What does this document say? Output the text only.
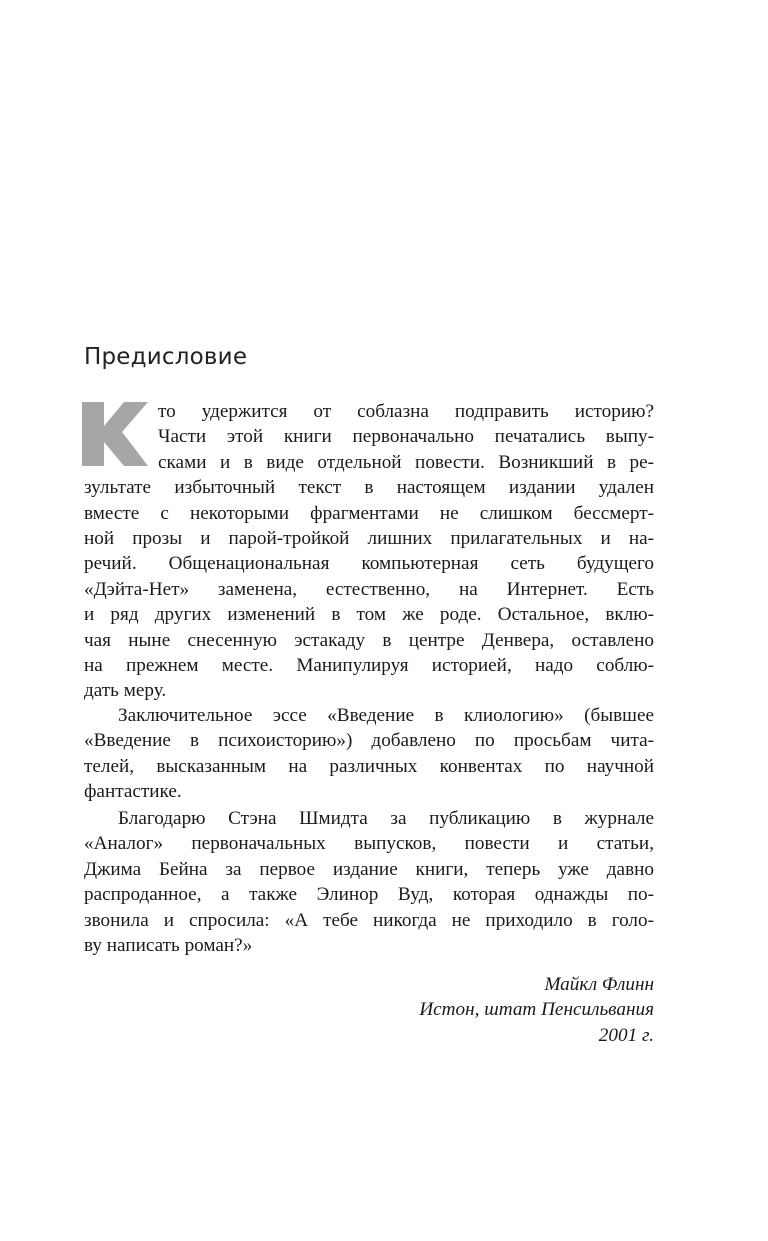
Предисловие
то удержится от соблазна подправить историю?
Части этой книги первоначально печатались выпу-
сками и в виде отдельной повести. Возникший в ре-
зультате избыточный текст в настоящем издании удален
вместе с некоторыми фрагментами не слишком бессмерт-
ной прозы и парой-тройкой лишних прилагательных и на-
речий. Общенациональная компьютерная сеть будущего
«Дэйта-Нет» заменена, естественно, на Интернет. Есть
и ряд других изменений в том же роде. Остальное, вклю-
чая ныне снесенную эстакаду в центре Денвера, оставлено
на прежнем месте. Манипулируя историей, надо соблю-
дать меру.
Заключительное эссе «Введение в клиологию» (бывшее
«Введение в психоисторию») добавлено по просьбам чита-
телей, высказанным на различных конвентах по научной
фантастике.
Благодарю Стэна Шмидта за публикацию в журнале
«Аналог» первоначальных выпусков, повести и статьи,
Джима Бейна за первое издание книги, теперь уже давно
распроданное, а также Элинор Вуд, которая однажды по-
звонила и спросила: «А тебе никогда не приходило в голо-
ву написать роман?»
Майкл Флинн
Истон, штат Пенсильвания
2001 г.
